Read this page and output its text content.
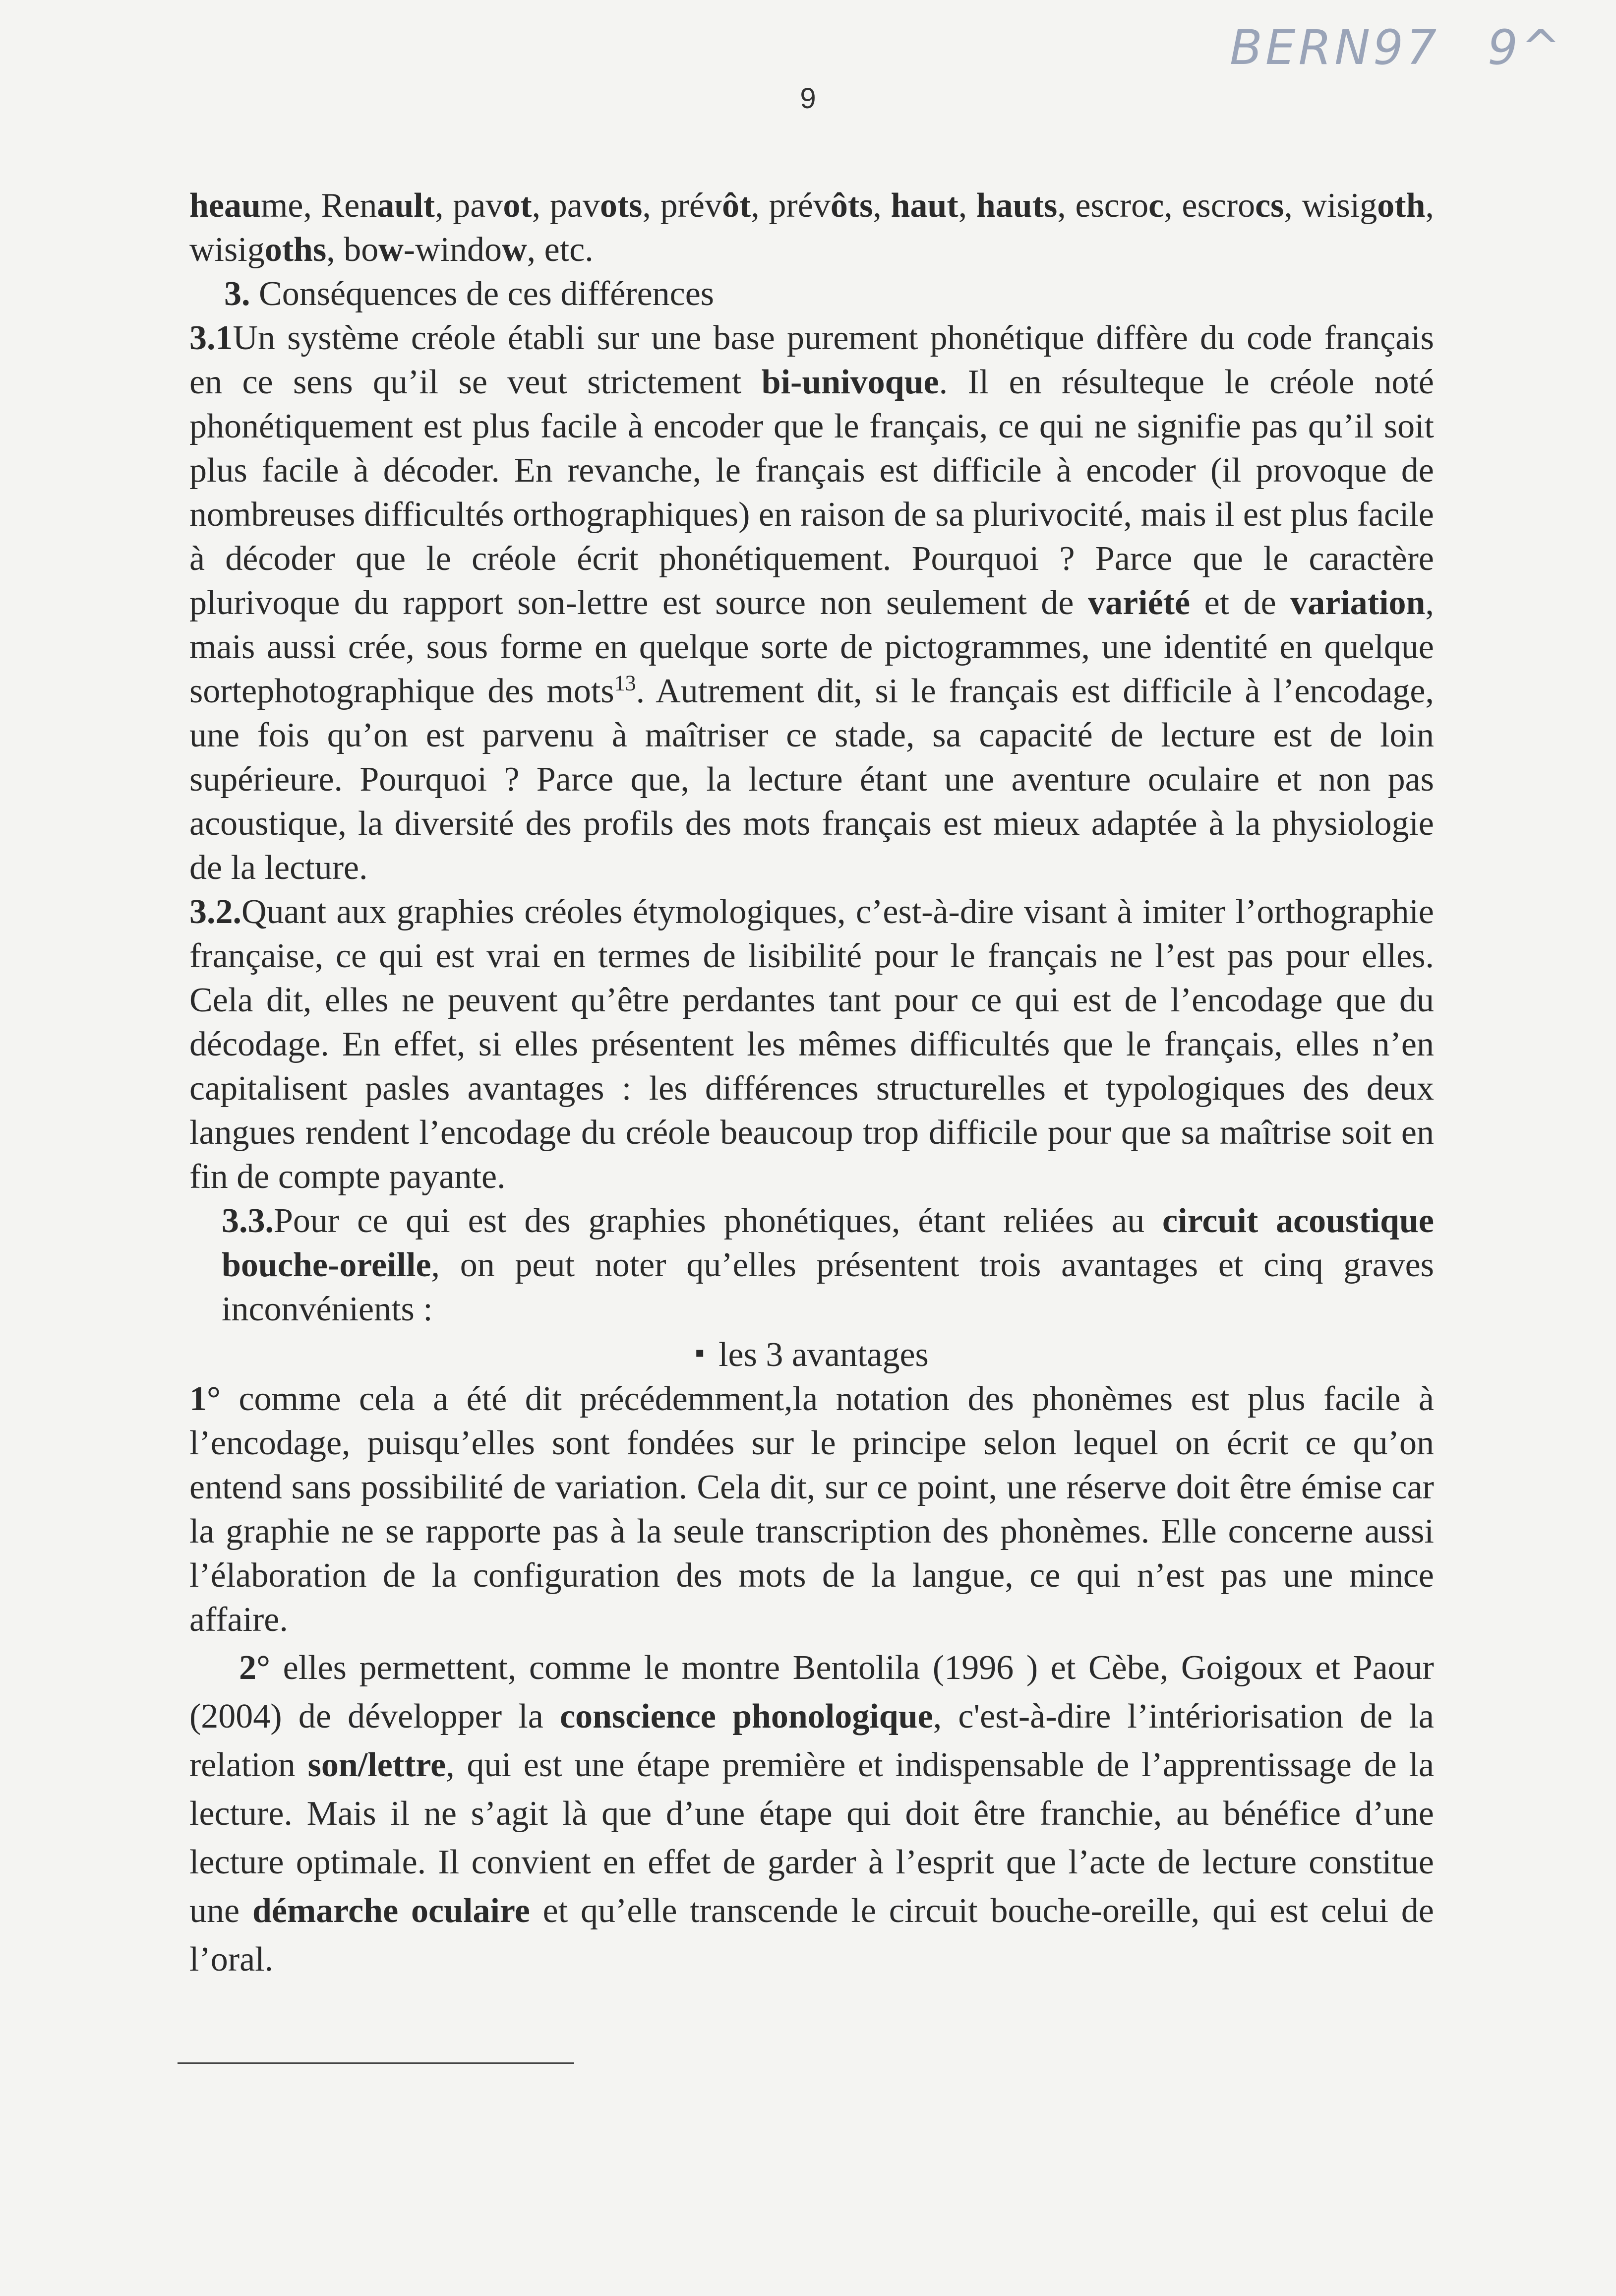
BERN97 9^
9

heaume, Renault, pavot, pavots, prévôt, prévôts, haut, hauts, escroc, escrocs, wisigoth, wisigoths, bow-window, etc.

3. Conséquences de ces différences

3.1Un système créole établi sur une base purement phonétique diffère du code français en ce sens qu’il se veut strictement bi-univoque. Il en résulteque le créole noté phonétiquement est plus facile à encoder que le français, ce qui ne signifie pas qu’il soit plus facile à décoder. En revanche, le français est difficile à encoder (il provoque de nombreuses difficultés orthographiques) en raison de sa plurivocité, mais il est plus facile à décoder que le créole écrit phonétiquement. Pourquoi ? Parce que le caractère plurivoque du rapport son-lettre est source non seulement de variété et de variation, mais aussi crée, sous forme en quelque sorte de pictogrammes, une identité en quelque sortephotographique des mots$^{13}$. Autrement dit, si le français est difficile à l’encodage, une fois qu’on est parvenu à maîtriser ce stade, sa capacité de lecture est de loin supérieure. Pourquoi ? Parce que, la lecture étant une aventure oculaire et non pas acoustique, la diversité des profils des mots français est mieux adaptée à la physiologie de la lecture.

3.2.Quant aux graphies créoles étymologiques, c’est-à-dire visant à imiter l’orthographie française, ce qui est vrai en termes de lisibilité pour le français ne l’est pas pour elles. Cela dit, elles ne peuvent qu’être perdantes tant pour ce qui est de l’encodage que du décodage. En effet, si elles présentent les mêmes difficultés que le français, elles n’en capitalisent pasles avantages : les différences structurelles et typologiques des deux langues rendent l’encodage du créole beaucoup trop difficile pour que sa maîtrise soit en fin de compte payante.

3.3.Pour ce qui est des graphies phonétiques, étant reliées au circuit acoustique bouche-oreille, on peut noter qu’elles présentent trois avantages et cinq graves inconvénients :

▪ les 3 avantages

1° comme cela a été dit précédemment,la notation des phonèmes est plus facile à l’encodage, puisqu’elles sont fondées sur le principe selon lequel on écrit ce qu’on entend sans possibilité de variation. Cela dit, sur ce point, une réserve doit être émise car la graphie ne se rapporte pas à la seule transcription des phonèmes. Elle concerne aussi l’élaboration de la configuration des mots de la langue, ce qui n’est pas une mince affaire.

2° elles permettent, comme le montre Bentolila (1996 ) et Cèbe, Goigoux et Paour (2004) de développer la conscience phonologique, c'est-à-dire l’intériorisation de la relation son/lettre, qui est une étape première et indispensable de l’apprentissage de la lecture. Mais il ne s’agit là que d’une étape qui doit être franchie, au bénéfice d’une lecture optimale. Il convient en effet de garder à l’esprit que l’acte de lecture constitue une démarche oculaire et qu’elle transcende le circuit bouche-oreille, qui est celui de l’oral.
